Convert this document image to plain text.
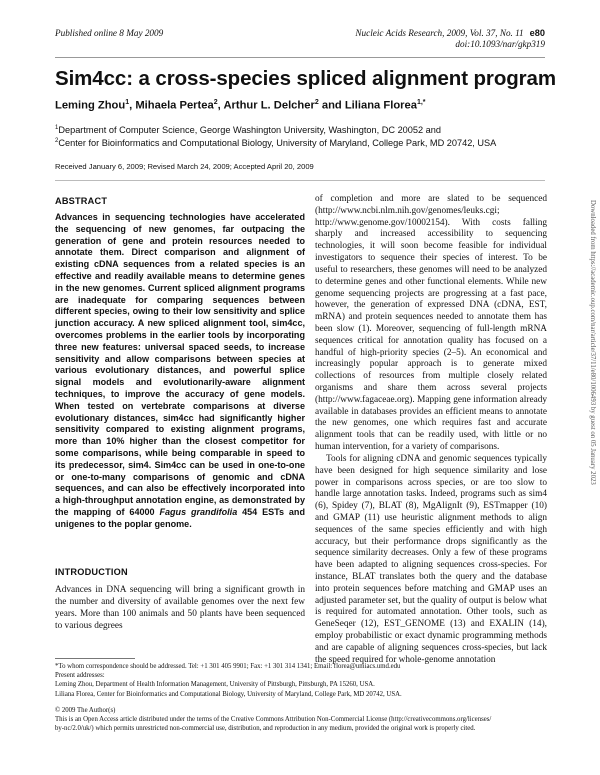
Published online 8 May 2009	Nucleic Acids Research, 2009, Vol. 37, No. 11 e80
doi:10.1093/nar/gkp319
Sim4cc: a cross-species spliced alignment program
Leming Zhou$^1$, Mihaela Pertea$^2$, Arthur L. Delcher$^2$ and Liliana Florea$^{1,*}$
$^1$Department of Computer Science, George Washington University, Washington, DC 20052 and
$^2$Center for Bioinformatics and Computational Biology, University of Maryland, College Park, MD 20742, USA
Received January 6, 2009; Revised March 24, 2009; Accepted April 20, 2009
ABSTRACT
Advances in sequencing technologies have accelerated the sequencing of new genomes, far outpacing the generation of gene and protein resources needed to annotate them. Direct comparison and alignment of existing cDNA sequences from a related species is an effective and readily available means to determine genes in the new genomes. Current spliced alignment programs are inadequate for comparing sequences between different species, owing to their low sensitivity and splice junction accuracy. A new spliced alignment tool, sim4cc, overcomes problems in the earlier tools by incorporating three new features: universal spaced seeds, to increase sensitivity and allow comparisons between species at various evolutionary distances, and powerful splice signal models and evolutionarily-aware alignment techniques, to improve the accuracy of gene models. When tested on vertebrate comparisons at diverse evolutionary distances, sim4cc had significantly higher sensitivity compared to existing alignment programs, more than 10% higher than the closest competitor for some comparisons, while being comparable in speed to its predecessor, sim4. Sim4cc can be used in one-to-one or one-to-many comparisons of genomic and cDNA sequences, and can also be effectively incorporated into a high-throughput annotation engine, as demonstrated by the mapping of 64000 Fagus grandifolia 454 ESTs and unigenes to the poplar genome.
INTRODUCTION
Advances in DNA sequencing will bring a significant growth in the number and diversity of available genomes over the next few years. More than 100 animals and 50 plants have been sequenced to various degrees

of completion and more are slated to be sequenced (http://www.ncbi.nlm.nih.gov/genomes/leuks.cgi; http://www.genome.gov/10002154). With costs falling sharply and increased accessibility to sequencing technologies, it will soon become feasible for individual investigators to sequence their species of interest. To be useful to researchers, these genomes will need to be analyzed to determine genes and other functional elements. While new genome sequencing projects are progressing at a fast pace, however, the generation of expressed DNA (cDNA, EST, mRNA) and protein sequences needed to annotate them has been slow (1). Moreover, sequencing of full-length mRNA sequences critical for annotation quality has focused on a handful of high-priority species (2–5). An economical and increasingly popular approach is to generate mixed collections of resources from multiple closely related organisms and share them across several projects (http://www.fagaceae.org). Mapping gene information already available in databases provides an efficient means to annotate the new genomes, one which requires fast and accurate alignment tools that can be readily used, with little or no human intervention, for a variety of comparisons.

Tools for aligning cDNA and genomic sequences typically have been designed for high sequence similarity and lose power in comparisons across species, or are too slow to handle large annotation tasks. Indeed, programs such as sim4 (6), Spidey (7), BLAT (8), MgAlignIt (9), ESTmapper (10) and GMAP (11) use heuristic alignment methods to align sequences of the same species efficiently and with high accuracy, but their performance drops significantly as the sequence similarity decreases. Only a few of these programs have been adapted to aligning sequences cross-species. For instance, BLAT translates both the query and the database into protein sequences before matching and GMAP uses an adjusted parameter set, but the quality of output is below what is required for automated annotation. Other tools, such as GeneSeqer (12), EST_GENOME (13) and EXALIN (14), employ probabilistic or exact dynamic programming methods and are capable of aligning sequences cross-species, but lack the speed required for whole-genome annotation

Downloaded from https://academic.oup.com/nar/article/37/11/e80/1006493 by guest on 05 January 2023
*To whom correspondence should be addressed. Tel: +1 301 405 9901; Fax: +1 301 314 1341; Email: florea@umiacs.umd.edu
Present addresses:
Leming Zhou, Department of Health Information Management, University of Pittsburgh, Pittsburgh, PA 15260, USA.
Liliana Florea, Center for Bioinformatics and Computational Biology, University of Maryland, College Park, MD 20742, USA.
© 2009 The Author(s)
This is an Open Access article distributed under the terms of the Creative Commons Attribution Non-Commercial License (http://creativecommons.org/licenses/
by-nc/2.0/uk/) which permits unrestricted non-commercial use, distribution, and reproduction in any medium, provided the original work is properly cited.
